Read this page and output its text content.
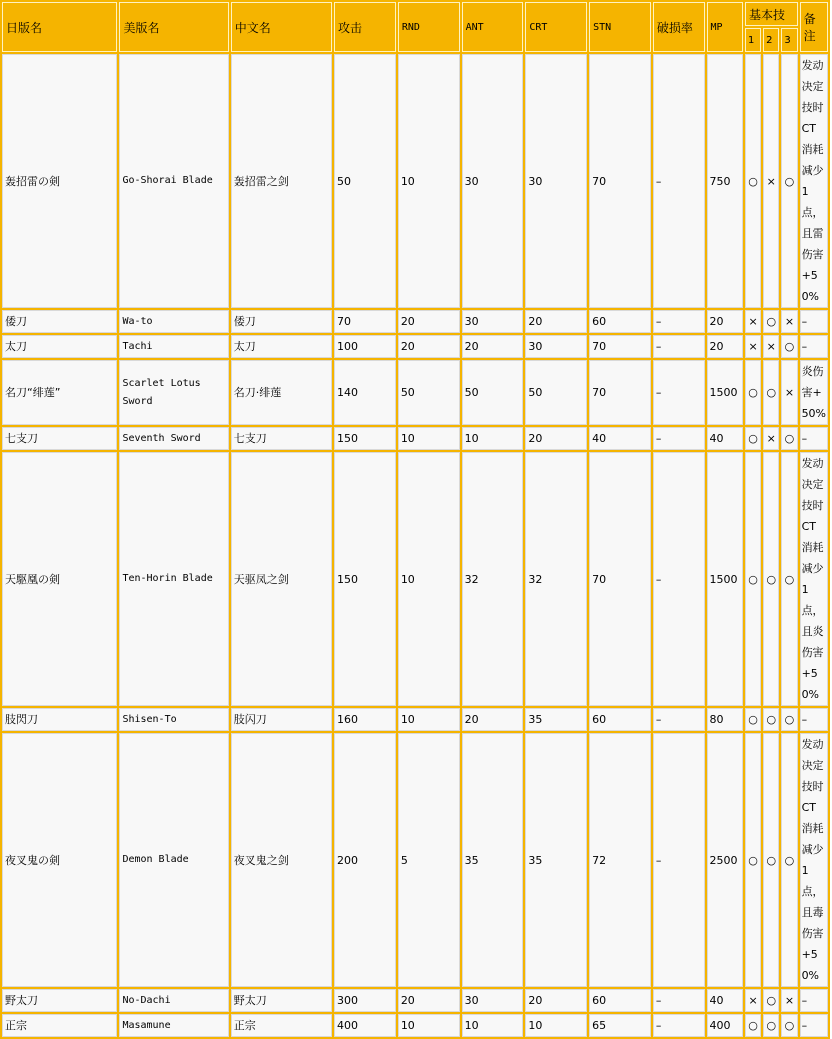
日版名	美版名	中文名	攻击	RND	ANT	CRT	STN	破损率	MP	基本技			备注
										1	2	3	
轰招雷の剣	Go-Shorai Blade	轰招雷之剑	50	10	30	30	70	–	750	○	×	○	发动决定技时CT消耗减少1点，且雷伤害+50%
倭刀	Wa-to	倭刀	70	20	30	20	60	–	20	×	○	×	–
太刀	Tachi	太刀	100	20	20	30	70	–	20	×	×	○	–
名刀“绯莲”	Scarlet Lotus Sword	名刀·绯莲	140	50	50	50	70	–	1500	○	○	×	炎伤害+50%
七支刀	Seventh Sword	七支刀	150	10	10	20	40	–	40	○	×	○	–
天駆凰の剣	Ten-Horin Blade	天驱凤之剑	150	10	32	32	70	–	1500	○	○	○	发动决定技时CT消耗减少1点，且炎伤害+50%
肢閃刀	Shisen-To	肢闪刀	160	10	20	35	60	–	80	○	○	○	–
夜叉鬼の剣	Demon Blade	夜叉鬼之剑	200	5	35	35	72	–	2500	○	○	○	发动决定技时CT消耗减少1点，且毒伤害+50%
野太刀	No-Dachi	野太刀	300	20	30	20	60	–	40	×	○	×	–
正宗	Masamune	正宗	400	10	10	10	65	–	400	○	○	○	–
